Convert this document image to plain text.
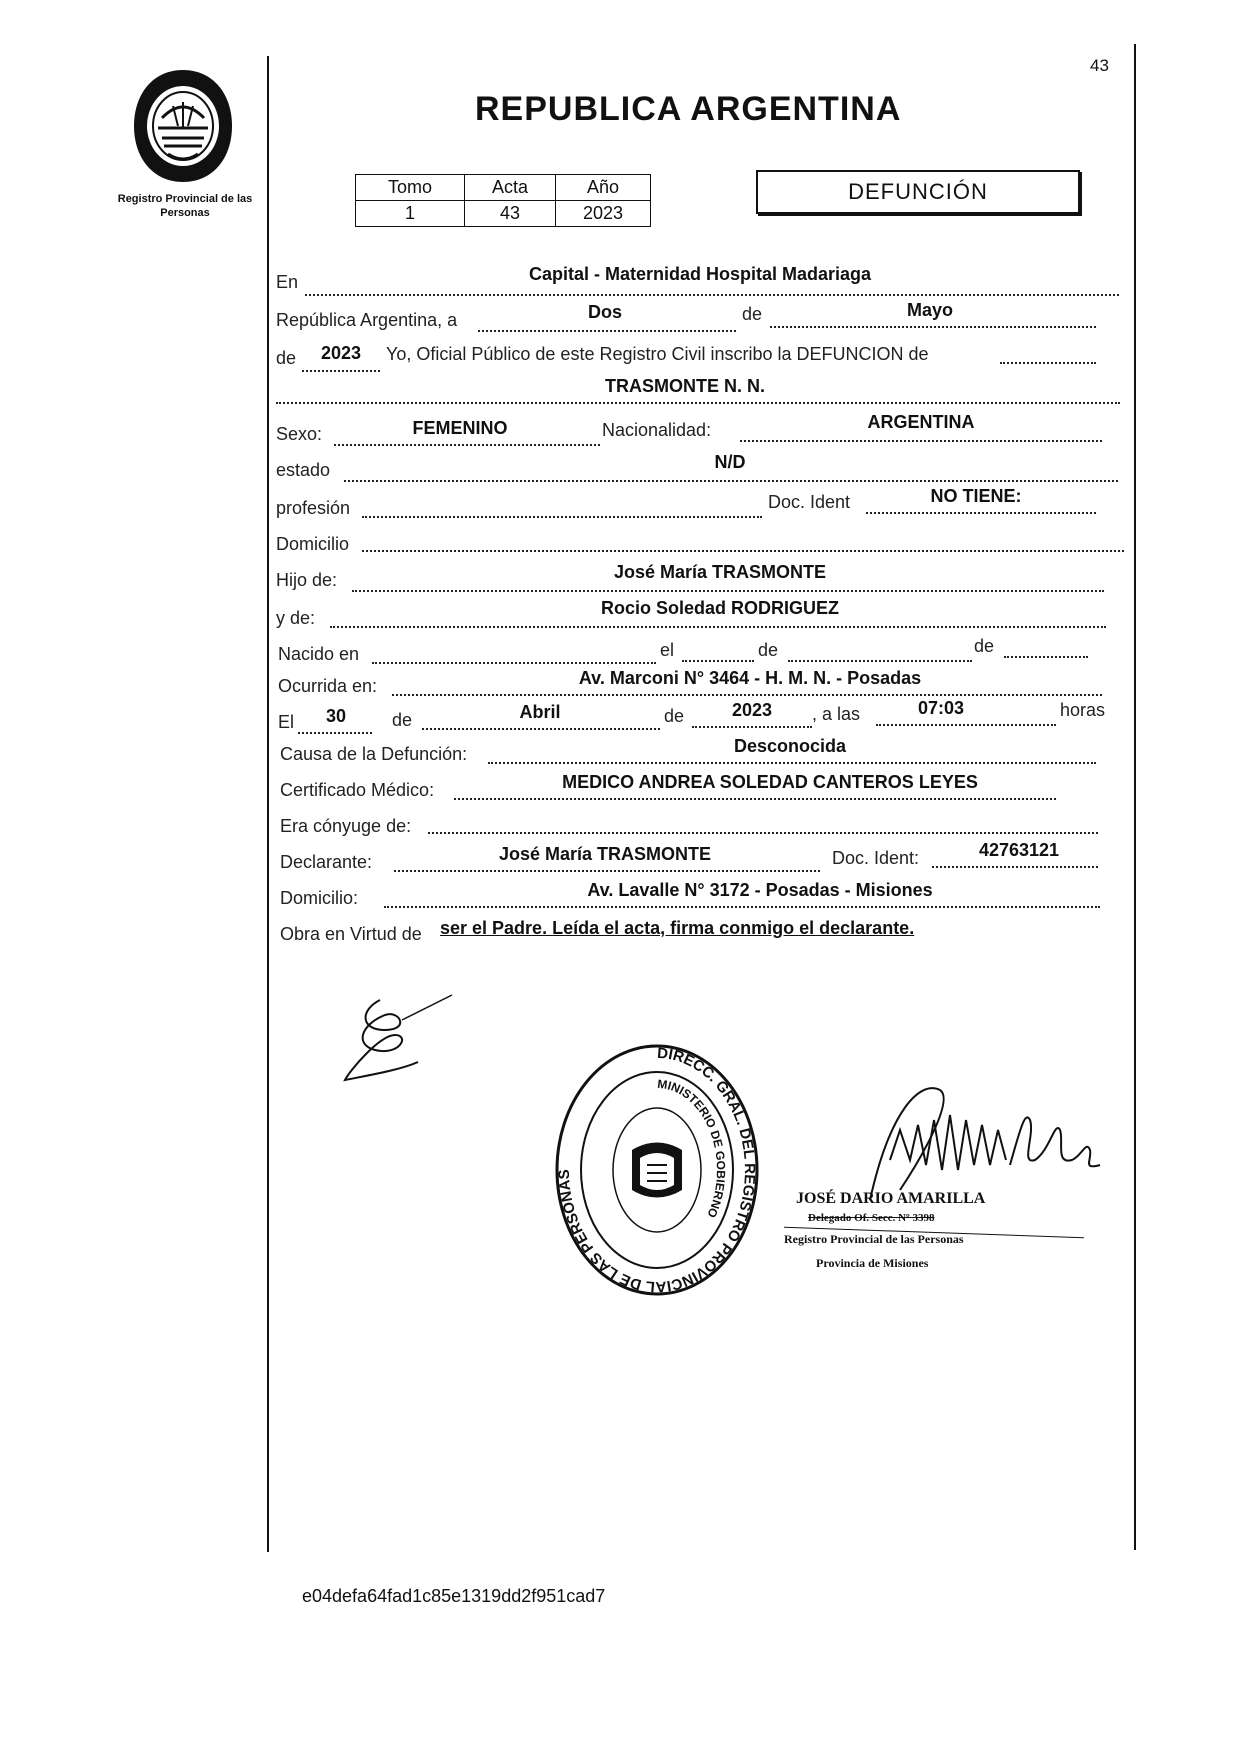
Registro Provincial de las Personas
43
REPUBLICA ARGENTINA
Tomo	Acta	Año
1	43	2023
DEFUNCIÓN
En	Capital - Maternidad Hospital Madariaga
República Argentina, a	Dos	de	Mayo
de	2023	Yo, Oficial Público de este Registro Civil inscribo la DEFUNCION de
TRASMONTE N. N.
Sexo:	FEMENINO	Nacionalidad:	ARGENTINA
estado	N/D
profesión	Doc. Ident	NO TIENE:
Domicilio
Hijo de:	José María TRASMONTE
y de:	Rocio Soledad RODRIGUEZ
Nacido en	el	de	de
Ocurrida en:	Av. Marconi N° 3464 - H. M. N. - Posadas
El	30	de	Abril	de	2023	, a las	07:03	horas
Causa de la Defunción:	Desconocida
Certificado Médico:	MEDICO ANDREA SOLEDAD CANTEROS LEYES
Era cónyuge de:
Declarante:	José María TRASMONTE	Doc. Ident:	42763121
Domicilio:	Av. Lavalle N° 3172 - Posadas - Misiones
Obra en Virtud de ser el Padre. Leída el acta, firma conmigo el declarante.
DIRECC. GRAL. DEL REGISTRO PROVINCIAL DE LAS PERSONAS
MINISTERIO DE GOBIERNO
JOSÉ DARIO AMARILLA
Delegado Of. Secc. Nº 3398
Registro Provincial de las Personas
Provincia de Misiones
e04defa64fad1c85e1319dd2f951cad7
